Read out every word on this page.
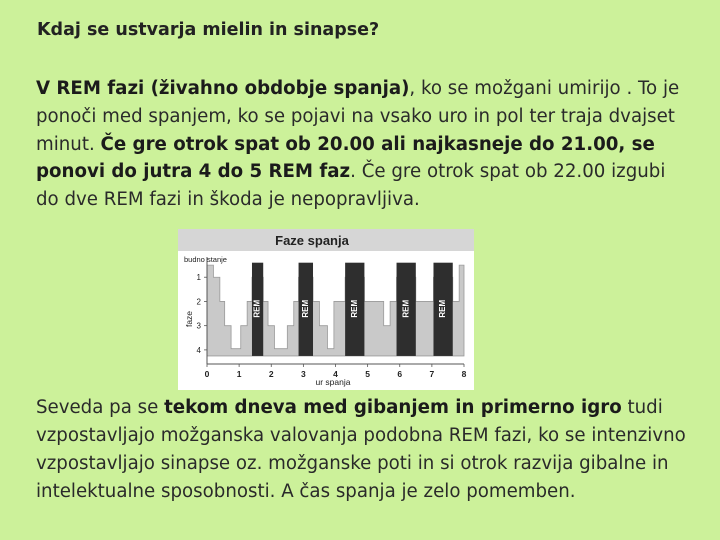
Kdaj se ustvarja mielin in sinapse?
V REM fazi (živahno obdobje spanja), ko se možgani umirijo . To je ponoči med spanjem, ko se pojavi na vsako uro in pol ter traja dvajset minut. Če gre otrok spat ob 20.00 ali najkasneje do 21.00, se ponovi do jutra 4 do 5 REM faz. Če gre otrok spat ob 22.00 izgubi do dve REM fazi in škoda je nepopravljiva.
Faze spanja
budno stanje
REM	REM	REM	REM	REM
1
2
3
4
0	1	2	3	4	5	6	7	8
ur spanja
faze
Seveda pa se tekom dneva med gibanjem in primerno igro tudi vzpostavljajo možganska valovanja podobna REM fazi, ko se intenzivno vzpostavljajo sinapse oz. možganske poti in si otrok razvija gibalne in intelektualne sposobnosti. A čas spanja je zelo pomemben.
